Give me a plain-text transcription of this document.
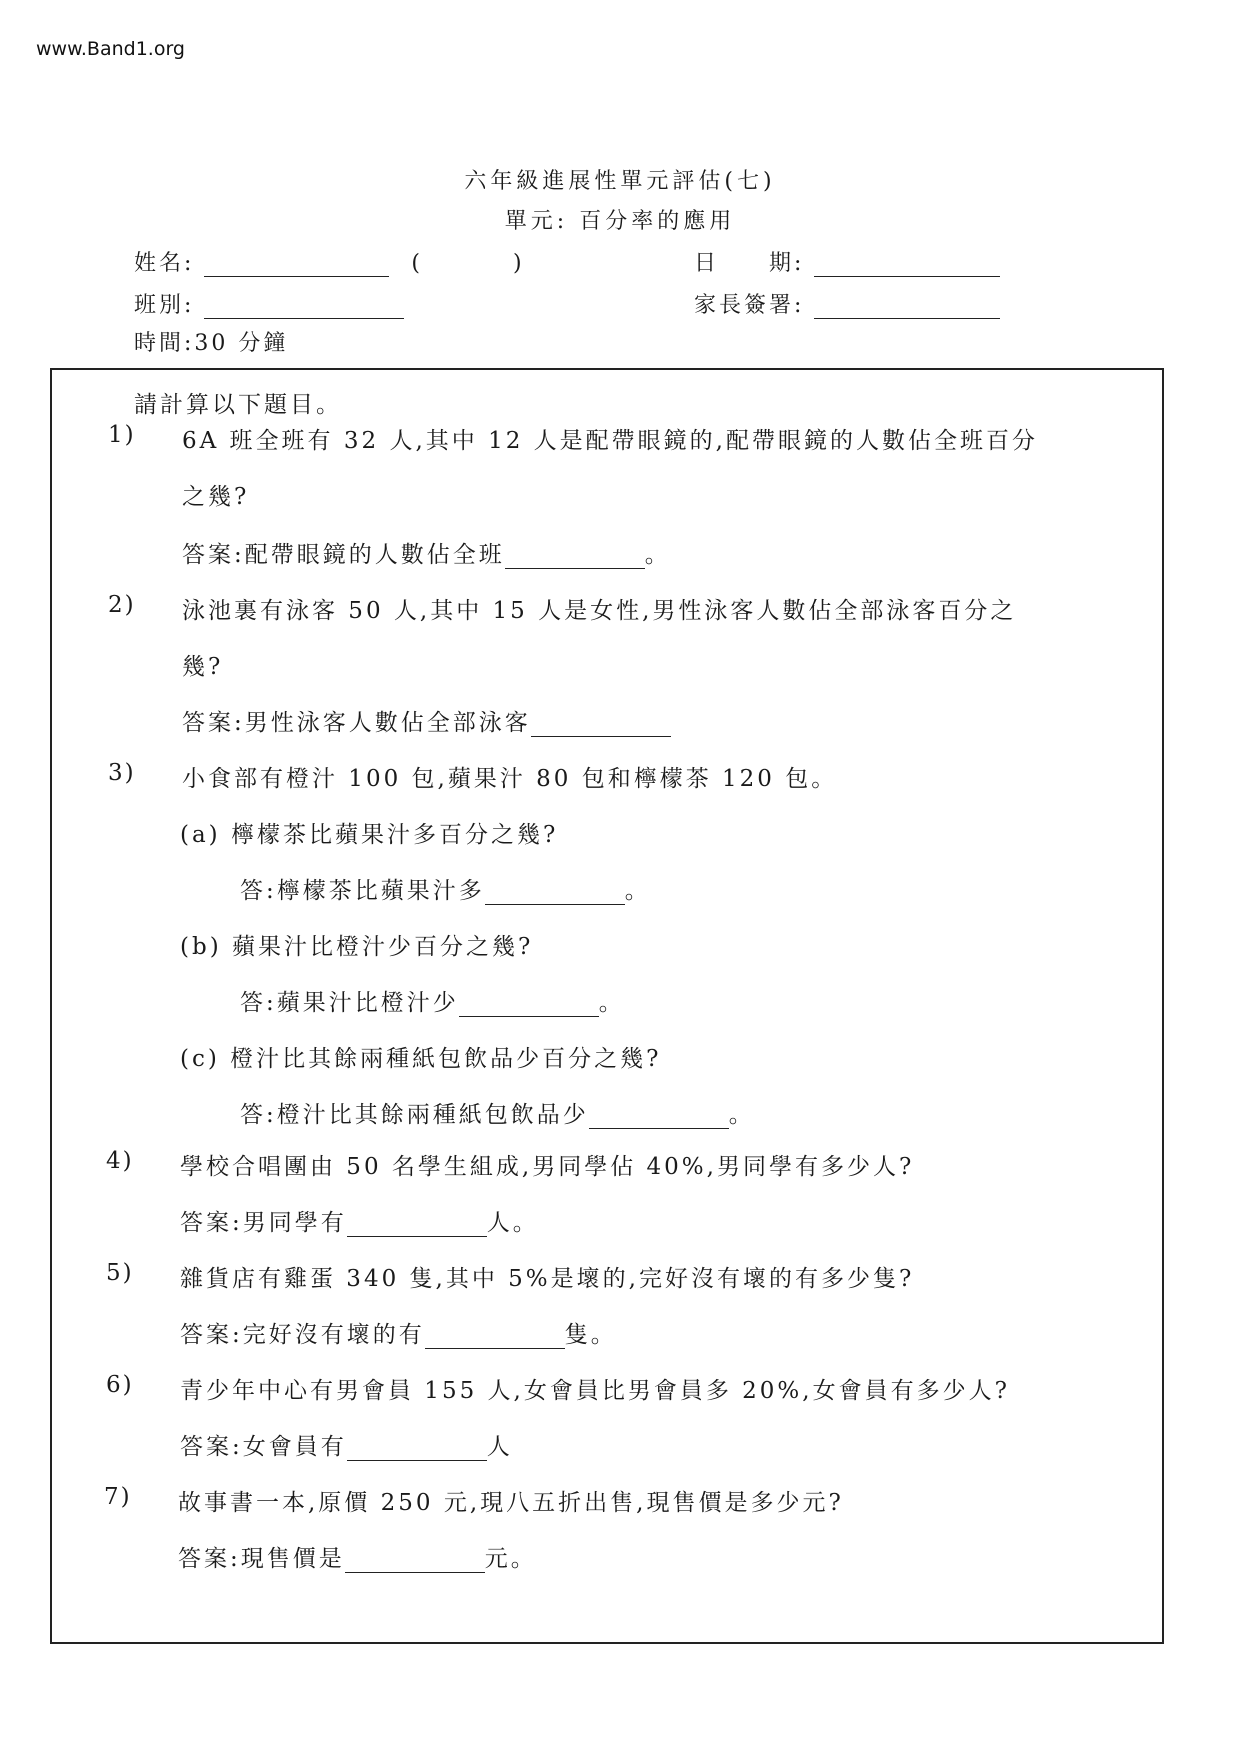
www.Band1.org
六年級進展性單元評估(七)
單元: 百分率的應用
姓名:	(	)	日　　期:
班別:	家長簽署:
時間:30 分鐘
請計算以下題目。
1) 6A 班全班有 32 人,其中 12 人是配帶眼鏡的,配帶眼鏡的人數佔全班百分
之幾?
答案:配帶眼鏡的人數佔全班	。
2) 泳池裏有泳客 50 人,其中 15 人是女性,男性泳客人數佔全部泳客百分之
幾?
答案:男性泳客人數佔全部泳客
3) 小食部有橙汁 100 包,蘋果汁 80 包和檸檬茶 120 包。
(a) 檸檬茶比蘋果汁多百分之幾?
答:檸檬茶比蘋果汁多	。
(b) 蘋果汁比橙汁少百分之幾?
答:蘋果汁比橙汁少	。
(c) 橙汁比其餘兩種紙包飲品少百分之幾?
答:橙汁比其餘兩種紙包飲品少	。
4) 學校合唱團由 50 名學生組成,男同學佔 40%,男同學有多少人?
答案:男同學有	人。
5) 雜貨店有雞蛋 340 隻,其中 5%是壞的,完好沒有壞的有多少隻?
答案:完好沒有壞的有	隻。
6) 青少年中心有男會員 155 人,女會員比男會員多 20%,女會員有多少人?
答案:女會員有	人
7) 故事書一本,原價 250 元,現八五折出售,現售價是多少元?
答案:現售價是	元。
